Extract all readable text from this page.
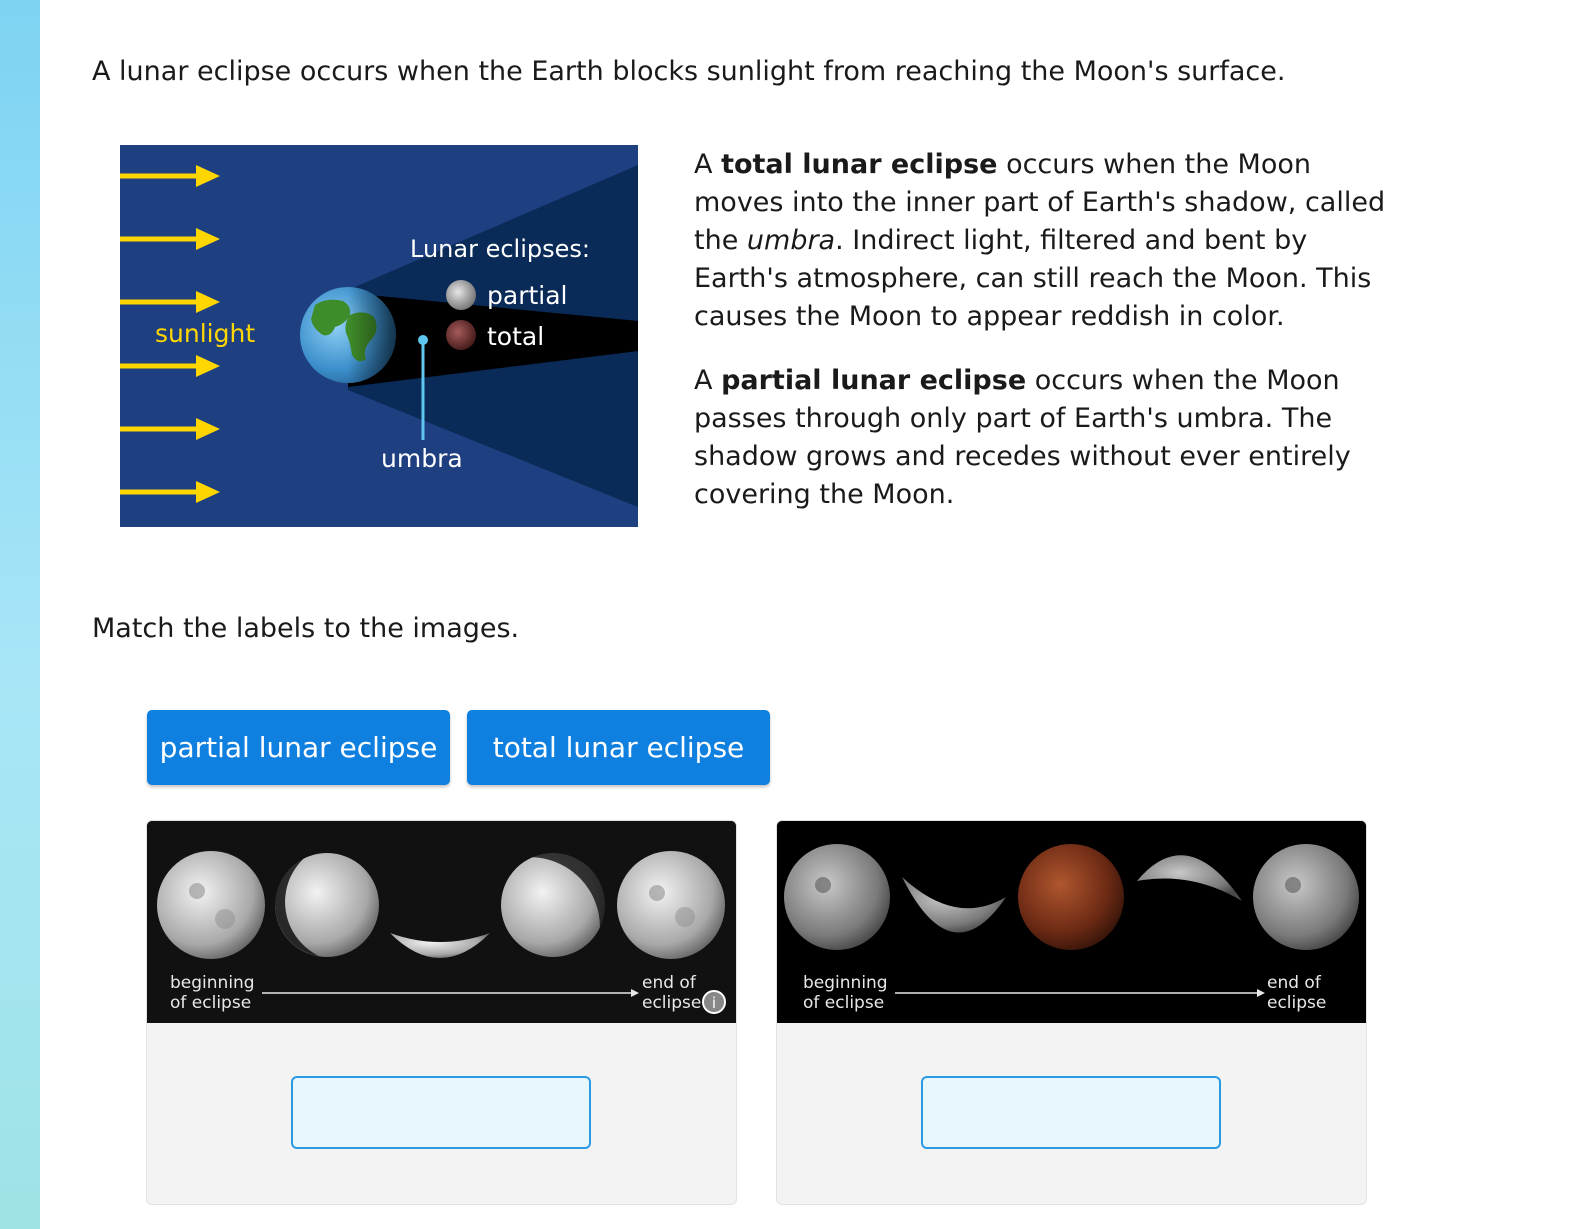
A lunar eclipse occurs when the Earth blocks sunlight from reaching the Moon's surface.

sunlight
Lunar eclipses:
partial
total
umbra

A total lunar eclipse occurs when the Moon moves into the inner part of Earth's shadow, called the umbra. Indirect light, filtered and bent by Earth's atmosphere, can still reach the Moon. This causes the Moon to appear reddish in color.

A partial lunar eclipse occurs when the Moon passes through only part of Earth's umbra. The shadow grows and recedes without ever entirely covering the Moon.

Match the labels to the images.

partial lunar eclipse	total lunar eclipse
beginning
of eclipse
end of
eclipse i
beginning
of eclipse
end of
eclipse
